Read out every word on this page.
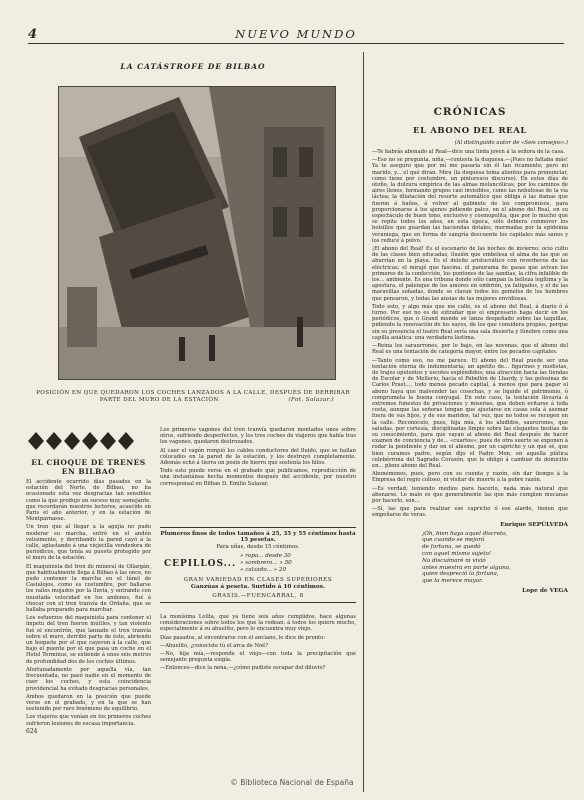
4	NUEVO MUNDO
LA CATÁSTROFE DE BILBAO
POSICIÓN EN QUE QUEDARON LOS COCHES LANZADOS A LA CALLE, DESPUÉS DE DERRIBAR PARTE DEL MURO DE LA ESTACIÓN	(Fot. Salazar.)
EL CHOQUE DE TRENES EN BILBAO

El accidente ocurrido días pasados en la estación del Norte, de Bilbao, no ha ocasionado esta vez desgracias tan sensibles como la que produjo un suceso muy semejante, que recordarán nuestros lectores, acaecido en Paris el año anterior, y en la estación de Montparnasse.

Un tren que al llegar a la agujia no pudo moderar su marcha, entró en el andén velozmente, y derribando la pared cayó á la calle, aplastando á una viejecilla vendedora de periódicos, que tenía su puesto protegido por el muro de la estación.

El maquinista del tren de mineral de Ollargán, que habitualmente llega á Bilbao á las once, no pudo contener la marcha en el túnel de Castalojos, como es costumbre, por hallarse los raíles mojados por la lluvia, y entrando con inusitada velocidad en los andenes, fué á chocar con el tren tranvía de Ordaña, que se hallaba preparado para marchar.

Los esfuerzos del maquinista para contener el ímpetu del tren fueron inútiles, y tan violento fué el encontrón, que lanzado el tren tranvía sobre el muro, derribó parte de éste, abriendo un boquete por el que cayeron á la calle, que bajo el puente por el que pasa un coche en el Hotel Terminus, se extiende á unos seis metros de profundidad dos de los coches últimos.

Afortunadamente por aquella vía, tan frecuentada, no pasó nadie en el momento de caer los coches, y esta coincidencia providencial ha evitado desgracias personales.

Ambos quedaron en la posición que puede verse en el grabado, y en la que se han sostenido por raro fenómeno de equilibrio.

Los viajeros que venían en los primeros coches sufrieron lesiones de escasa importancia.

624

Los primeros vagones del tren tranvía quedaron montados unos sobre otros, sufriendo desperfectos, y los tres coches de viajeros que había tras los vagones, quedaron destrozados.

Al caer el vagón rompió los cables conductores del fluido, que se hallan colocados en la pared de la estación, y los destruyó completamente. Además echó á tierra un poste de hierro que sostenía los hilos.

Todo esto puede verse en el grabado que publicamos, reproducción de una instantánea hecha momentos después del accidente, por nuestro corresponsal en Bilbao D. Emilio Salazar.

Plumeros finos de todos tamaños á 25, 35 y 55 céntimos hasta 15 pesetas.
Para uñas, desde 15 céntimos.
CEPILLOS...
» ropa... desde 30
» sombrero... » 50
» calzado... » 20
GRAN VARIEDAD EN CLASES SUPERIORES
Ganzúas á peseta. Surtido á 10 céntimos.
GRASIS.—FUENCARRAL, 8

La monísima Lolita, que ya tiene seis años cumplidos, hace algunas consideraciones sobre todos los que la rodean: á todos los quiere mucho, especialmente á su abuelito, pero lo encuentra muy viejo.

Días pasados, al encontrarse con el anciano, le dice de pronto:

—Abuelito, ¿conociste tú el arca de Noé?

—No, hija mía,—responde el viejo—con toda la precipitación que semejante pregunta exigía.

—Entonces—dice la nena,—¿cómo pudiste escapar del diluvio?

CRÓNICAS
EL ABONO DEL REAL
(Al distinguido autor de «Seis consejos».)

—Te habrás abonado al Real—dice una linda joven á la señora de la casa.

—Eso no se pregunta, niña,—contesta la duquesa.—¡Pues no faltaba más! Ya te aseguro que por mí me pasaría sin él tan ricamente; pero mi marido, y... el qué dirán. Mira (la duquesa toma alientos para pronunciar, como tiene por costumbre, un pintoresco discurso). En estos días de otoño, la dulzura empírica de las almas melancólicas, por los caminos de aires llenos, formando grupos casi invisibles, como las nebulosas de la vía láctea; la dilatación del resorte automático que obliga á las damas que fueron á baños, á volver al gabinete de los compromisos, para proporcionarse á los ajenos pidiendo palco, en el abono del Real, en su espectáculo de buen tono, exclusivo y cosmopolita, que por lo mucho que se repite todos los años, en esta época, sólo debiera conmover los bolsillos que guardan las haciendas dotales, mermadas por la epidemia veraniega, que en forma de sangría descuente los capitales más sanos y los reduce á polvo.

¡El abono del Real! Es el escenario de las noches de invierno: ocio culto de las clases bien educadas, ilusión que embelesa el alma de las que se aburrían en la playa. Es el deleite aristocrático con reverberos de las eléctricas; el mirajé que fascina; el panorama de gasas que avivan los primores de la confección, los pontones de las sandías, la cifra infalible de los... ambiente. Es una tribuna donde sólo campan la belleza legítima y la apostura, el palenque de los amores en embrión, ya fatigados, y el de las maravillas soñadas, donde se clavan todos los gemelos de los hombres que pensaron, y todas las ansias de las mujeres envidiosas.

Todo esto, y algo más que me callo, es el abono del Real, á diario ó á turno. Por eso no es de extrañar que el empresario haga decir en los periódicos, que ó Grand monde se lanza despeñado sobre las taquillas, pidiendo la renovación de los sayos, de los que considera propios, porque sin su presencia el teatro Real sería una sala desierta y fúnebre como una capilla asiática: una verdadera lástima.

—Reina los saraurrones, por lo bajo, en las novenas, que el abono del Real es una tentación de categoría mayor, entre los pecados capitales.

—Tanto como eso, no me parece. El abono del Real puede ser una tentación eterna de indumentaria; un apetito de... figurines y modistas, de trajes opulentos y escotes espléndidos; una atracción hacia las tiendas de Escolar y de Mellerio, hacia el Pabellón de Lhardy, y las golosinas de Carlos Prast..., todo menos pecado capital, á menos que para pagar el abono haya que malvender las cosechas, y se liquide el patrimonio, ó comprometa la buena conyugal. En este caso, la tentación llevaría á extremos funestos de privaciones y miserias, que deben evitarse á toda costa, aunque las señoras tengan que ajustarse en casas sola á asomar fuera de sus hijos, y de sus maridos, tal vez, que no todos se recogen en la calle. Reconócelo, pues, hija mía, á los aludidos, saurorones, que saludas, por cortesía, disciplinadas limpio sobre las elegantes bestias de su conocimiento, para que vayan al abono del Real después de hacer examen de conciencia y de... «cuartos»; pues de otra suerte se exponen á rodar la pendiente y dar en el abismo, por un capricho y un qué sé, que bien curamos padre, según dijo el Padre Mon, en aquella plática celebérrima del Sagrado Corazón, que le obligó á cambiar de domicilio en... pleno abono del Real.

Abonémonos, pues, pero con su cuenta y razón, sin dar tiempo á la Empresa del regio coliseo, ni visitar de muerte á la pobre razón.

—Es verdad; teniendo medios para hacerlo, nada más natural que abonarse. Lo malo es que generalmente las que más cumplen mucanas por hacerlo, son...

—Sí, las que para realizar ese capricho ó ese alarde, tienen que empeñarse de veras.

Enrique SEPÚLVEDA
¡Oh, bien haya aquel discreto,
que cuando se mejoró
de fortuna, se quedó
con aquel mismo sujeto!
No discuímaré ni vivió
antes muestra en parte alguna,
quien despreció la fortuna,
que la merece mayor.
Lope de VEGA
© Biblioteca Nacional de España
